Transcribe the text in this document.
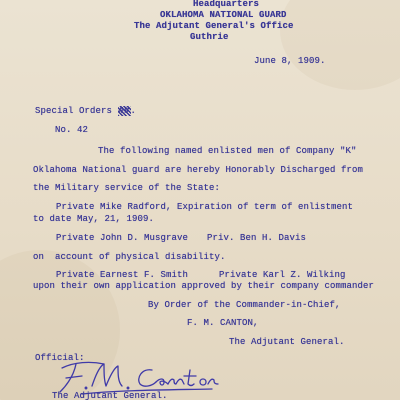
Headquarters
OKLAHOMA NATIONAL GUARD
The Adjutant General's Office
Guthrie
June 8, 1909.
Special Orders ##.
No. 42
The following named enlisted men of Company "K"
Oklahoma National guard are hereby Honorably Discharged from
the Military service of the State:
Private Mike Radford, Expiration of term of enlistment
to date May, 21, 1909.
Private John D. Musgrave Priv. Ben H. Davis
on  account of physical disability.
Private Earnest F. Smith	Private Karl Z. Wilking
upon their own application approved by their company commander
By Order of the Commander-in-Chief,
F. M. CANTON,
The Adjutant General.
Official:
The Adjutant General.
